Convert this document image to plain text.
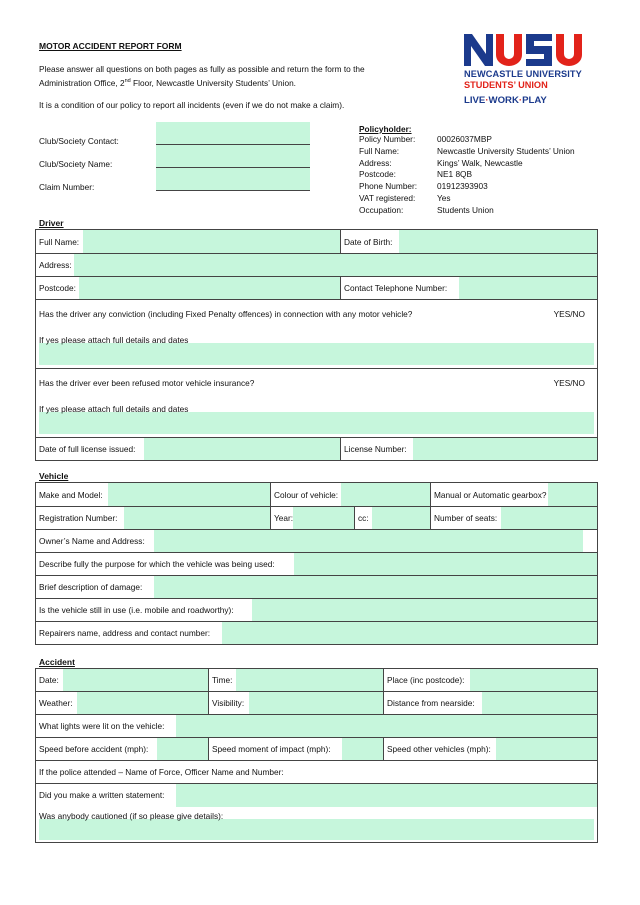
MOTOR ACCIDENT REPORT FORM
Please answer all questions on both pages as fully as possible and return the form to the
Administration Office, 2nd Floor, Newcastle University Students’ Union.
It is a condition of our policy to report all incidents (even if we do not make a claim).
NEWCASTLE UNIVERSITY
STUDENTS’ UNION
LIVE·WORK·PLAY
Club/Society Contact:
Club/Society Name:
Claim Number:
Policyholder:
Policy Number:	00026037MBP
Full Name:	Newcastle University Students’ Union
Address:	Kings’ Walk, Newcastle
Postcode:	NE1 8QB
Phone Number:	01912393903
VAT registered:	Yes
Occupation:	Students Union
Driver
Full Name:	Date of Birth:

Address:	

Postcode:	Contact Telephone Number:

Has the driver any conviction (including Fixed Penalty offences) in connection with any motor vehicle? YES/NO
If yes please attach full details and dates	

Has the driver ever been refused motor vehicle insurance? YES/NO
If yes please attach full details and dates	

Date of full license issued:	License Number:
Vehicle
Make and Model:	Colour of vehicle:		Manual or Automatic gearbox?

Registration Number:	Year:	cc:	Number of seats:

Owner’s Name and Address:			

Describe fully the purpose for which the vehicle was being used:			

Brief description of damage:			

Is the vehicle still in use (i.e. mobile and roadworthy):			

Repairers name, address and contact number:			
Accident
Date:	Time:	Place (inc postcode):

Weather:	Visibility:	Distance from nearside:

What lights were lit on the vehicle:		

Speed before accident (mph):	Speed moment of impact (mph):	Speed other vehicles (mph):

If the police attended – Name of Force, Officer Name and Number:		

Did you make a written statement:		

Was anybody cautioned (if so please give details):		
